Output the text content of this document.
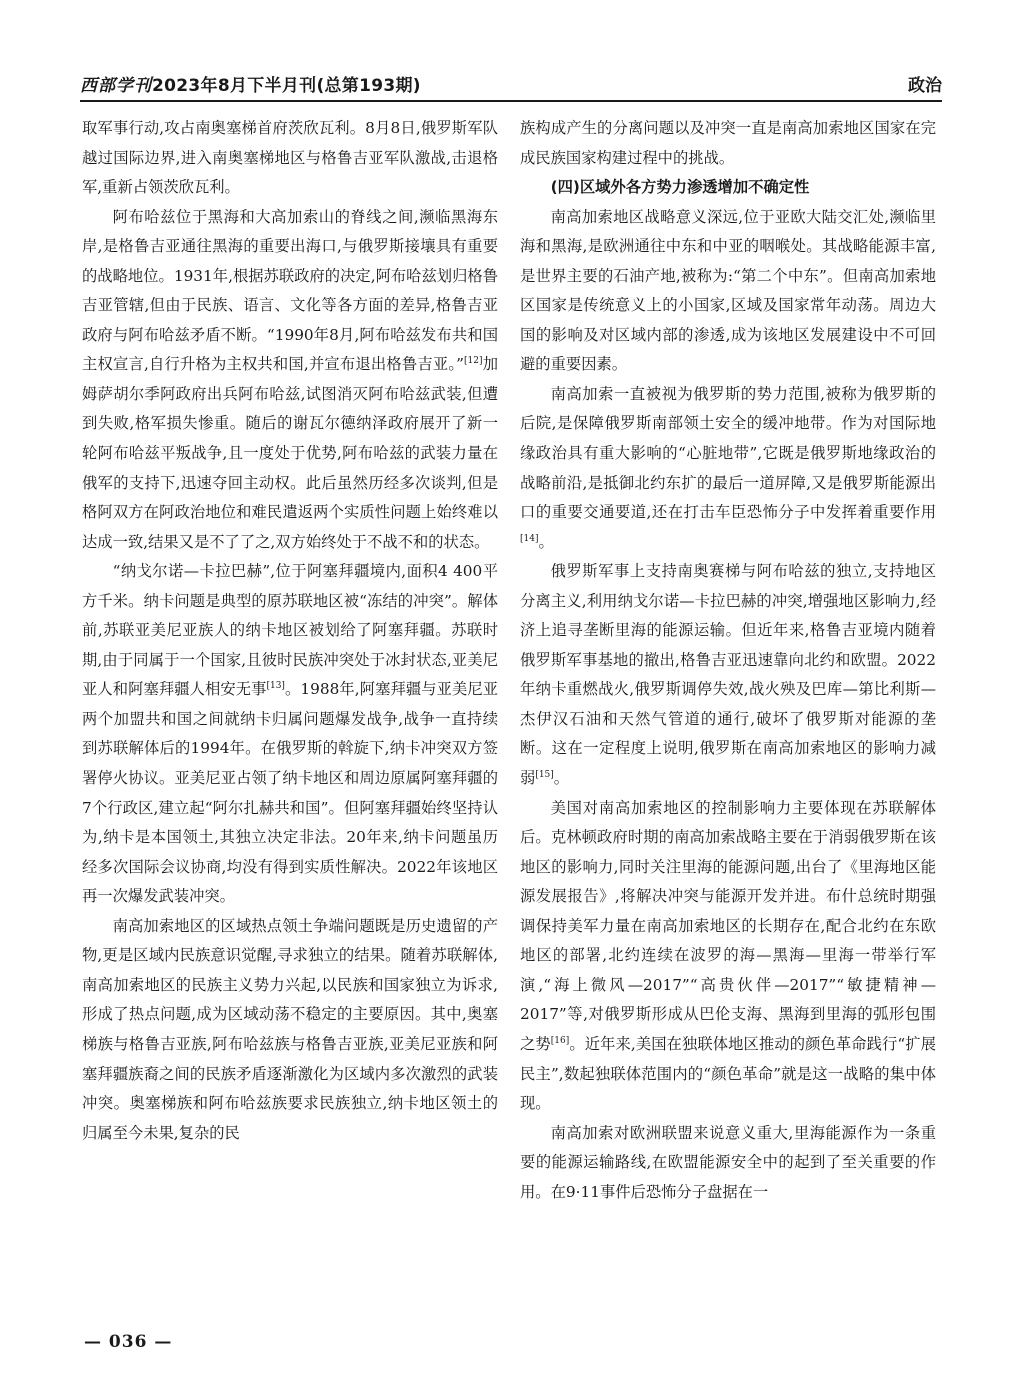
西部学刊2023年8月下半月刊(总第193期)	政治

取军事行动,攻占南奥塞梯首府茨欣瓦利。8月8日,俄罗斯军队越过国际边界,进入南奥塞梯地区与格鲁吉亚军队激战,击退格军,重新占领茨欣瓦利。

阿布哈兹位于黑海和大高加索山的脊线之间,濒临黑海东岸,是格鲁吉亚通往黑海的重要出海口,与俄罗斯接壤具有重要的战略地位。1931年,根据苏联政府的决定,阿布哈兹划归格鲁吉亚管辖,但由于民族、语言、文化等各方面的差异,格鲁吉亚政府与阿布哈兹矛盾不断。“1990年8月,阿布哈兹发布共和国主权宣言,自行升格为主权共和国,并宣布退出格鲁吉亚。”[12]加姆萨胡尔季阿政府出兵阿布哈兹,试图消灭阿布哈兹武装,但遭到失败,格军损失惨重。随后的谢瓦尔德纳泽政府展开了新一轮阿布哈兹平叛战争,且一度处于优势,阿布哈兹的武装力量在俄军的支持下,迅速夺回主动权。此后虽然历经多次谈判,但是格阿双方在阿政治地位和难民遣返两个实质性问题上始终难以达成一致,结果又是不了了之,双方始终处于不战不和的状态。

“纳戈尔诺—卡拉巴赫”,位于阿塞拜疆境内,面积4 400平方千米。纳卡问题是典型的原苏联地区被“冻结的冲突”。解体前,苏联亚美尼亚族人的纳卡地区被划给了阿塞拜疆。苏联时期,由于同属于一个国家,且彼时民族冲突处于冰封状态,亚美尼亚人和阿塞拜疆人相安无事[13]。1988年,阿塞拜疆与亚美尼亚两个加盟共和国之间就纳卡归属问题爆发战争,战争一直持续到苏联解体后的1994年。在俄罗斯的斡旋下,纳卡冲突双方签署停火协议。亚美尼亚占领了纳卡地区和周边原属阿塞拜疆的7个行政区,建立起“阿尔扎赫共和国”。但阿塞拜疆始终坚持认为,纳卡是本国领土,其独立决定非法。20年来,纳卡问题虽历经多次国际会议协商,均没有得到实质性解决。2022年该地区再一次爆发武装冲突。

南高加索地区的区域热点领土争端问题既是历史遗留的产物,更是区域内民族意识觉醒,寻求独立的结果。随着苏联解体,南高加索地区的民族主义势力兴起,以民族和国家独立为诉求,形成了热点问题,成为区域动荡不稳定的主要原因。其中,奥塞梯族与格鲁吉亚族,阿布哈兹族与格鲁吉亚族,亚美尼亚族和阿塞拜疆族裔之间的民族矛盾逐渐激化为区域内多次激烈的武装冲突。奥塞梯族和阿布哈兹族要求民族独立,纳卡地区领土的归属至今未果,复杂的民

族构成产生的分离问题以及冲突一直是南高加索地区国家在完成民族国家构建过程中的挑战。

(四)区域外各方势力渗透增加不确定性

南高加索地区战略意义深远,位于亚欧大陆交汇处,濒临里海和黑海,是欧洲通往中东和中亚的咽喉处。其战略能源丰富,是世界主要的石油产地,被称为:“第二个中东”。但南高加索地区国家是传统意义上的小国家,区域及国家常年动荡。周边大国的影响及对区域内部的渗透,成为该地区发展建设中不可回避的重要因素。

南高加索一直被视为俄罗斯的势力范围,被称为俄罗斯的后院,是保障俄罗斯南部领土安全的缓冲地带。作为对国际地缘政治具有重大影响的“心脏地带”,它既是俄罗斯地缘政治的战略前沿,是抵御北约东扩的最后一道屏障,又是俄罗斯能源出口的重要交通要道,还在打击车臣恐怖分子中发挥着重要作用[14]。

俄罗斯军事上支持南奥赛梯与阿布哈兹的独立,支持地区分离主义,利用纳戈尔诺—卡拉巴赫的冲突,增强地区影响力,经济上追寻垄断里海的能源运输。但近年来,格鲁吉亚境内随着俄罗斯军事基地的撤出,格鲁吉亚迅速靠向北约和欧盟。2022年纳卡重燃战火,俄罗斯调停失效,战火殃及巴库—第比利斯—杰伊汉石油和天然气管道的通行,破坏了俄罗斯对能源的垄断。这在一定程度上说明,俄罗斯在南高加索地区的影响力减弱[15]。

美国对南高加索地区的控制影响力主要体现在苏联解体后。克林顿政府时期的南高加索战略主要在于消弱俄罗斯在该地区的影响力,同时关注里海的能源问题,出台了《里海地区能源发展报告》,将解决冲突与能源开发并进。布什总统时期强调保持美军力量在南高加索地区的长期存在,配合北约在东欧地区的部署,北约连续在波罗的海—黑海—里海一带举行军演,“海上微风—2017”“高贵伙伴—2017”“敏捷精神—2017”等,对俄罗斯形成从巴伦支海、黑海到里海的弧形包围之势[16]。近年来,美国在独联体地区推动的颜色革命践行“扩展民主”,数起独联体范围内的“颜色革命”就是这一战略的集中体现。

南高加索对欧洲联盟来说意义重大,里海能源作为一条重要的能源运输路线,在欧盟能源安全中的起到了至关重要的作用。在9·11事件后恐怖分子盘据在一

— 036 —
